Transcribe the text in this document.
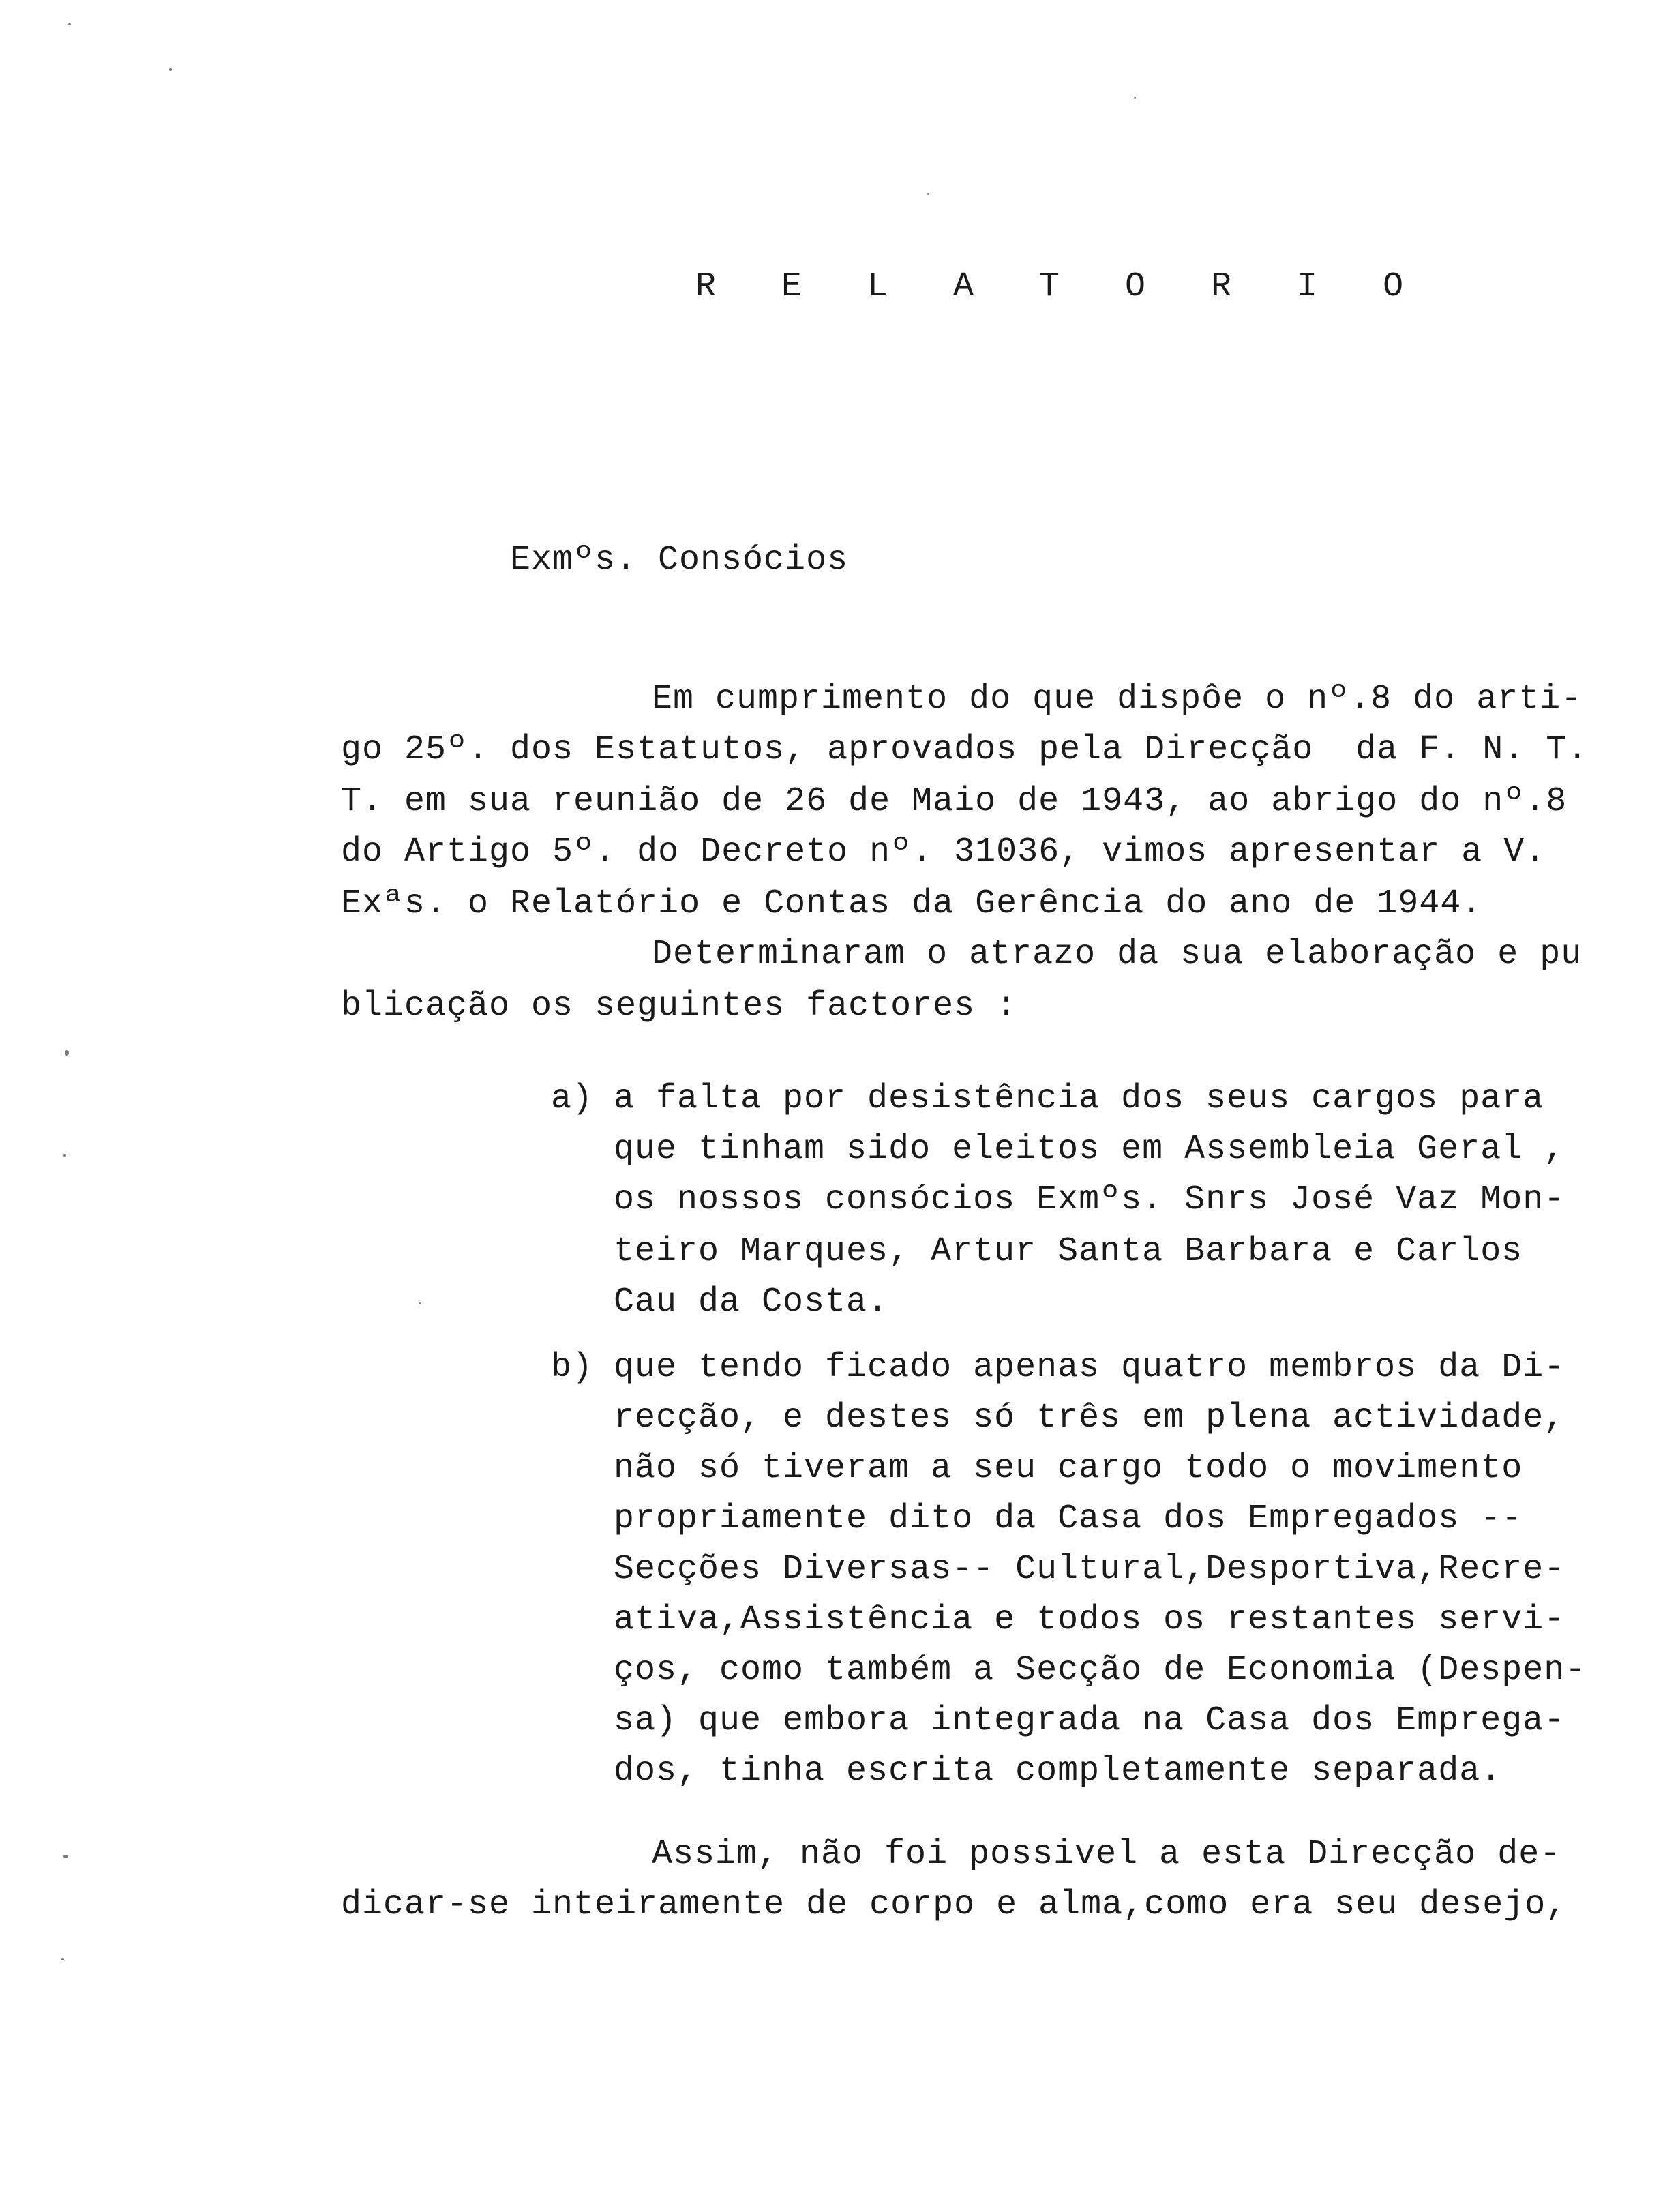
R E L A T O R I O
Exmºs. Consócios
Em cumprimento do que dispôe o nº.8 do arti-
go 25º. dos Estatutos, aprovados pela Direcção  da F. N. T.
T. em sua reunião de 26 de Maio de 1943, ao abrigo do nº.8
do Artigo 5º. do Decreto nº. 31036, vimos apresentar a V.
Exªs. o Relatório e Contas da Gerência do ano de 1944.
Determinaram o atrazo da sua elaboração e pu
blicação os seguintes factores :
a) a falta por desistência dos seus cargos para
que tinham sido eleitos em Assembleia Geral ,
os nossos consócios Exmºs. Snrs José Vaz Mon-
teiro Marques, Artur Santa Barbara e Carlos
Cau da Costa.
b) que tendo ficado apenas quatro membros da Di-
recção, e destes só três em plena actividade,
não só tiveram a seu cargo todo o movimento
propriamente dito da Casa dos Empregados --
Secções Diversas-- Cultural,Desportiva,Recre-
ativa,Assistência e todos os restantes servi-
ços, como também a Secção de Economia (Despen-
sa) que embora integrada na Casa dos Emprega-
dos, tinha escrita completamente separada.
Assim, não foi possivel a esta Direcção de-
dicar-se inteiramente de corpo e alma,como era seu desejo,
